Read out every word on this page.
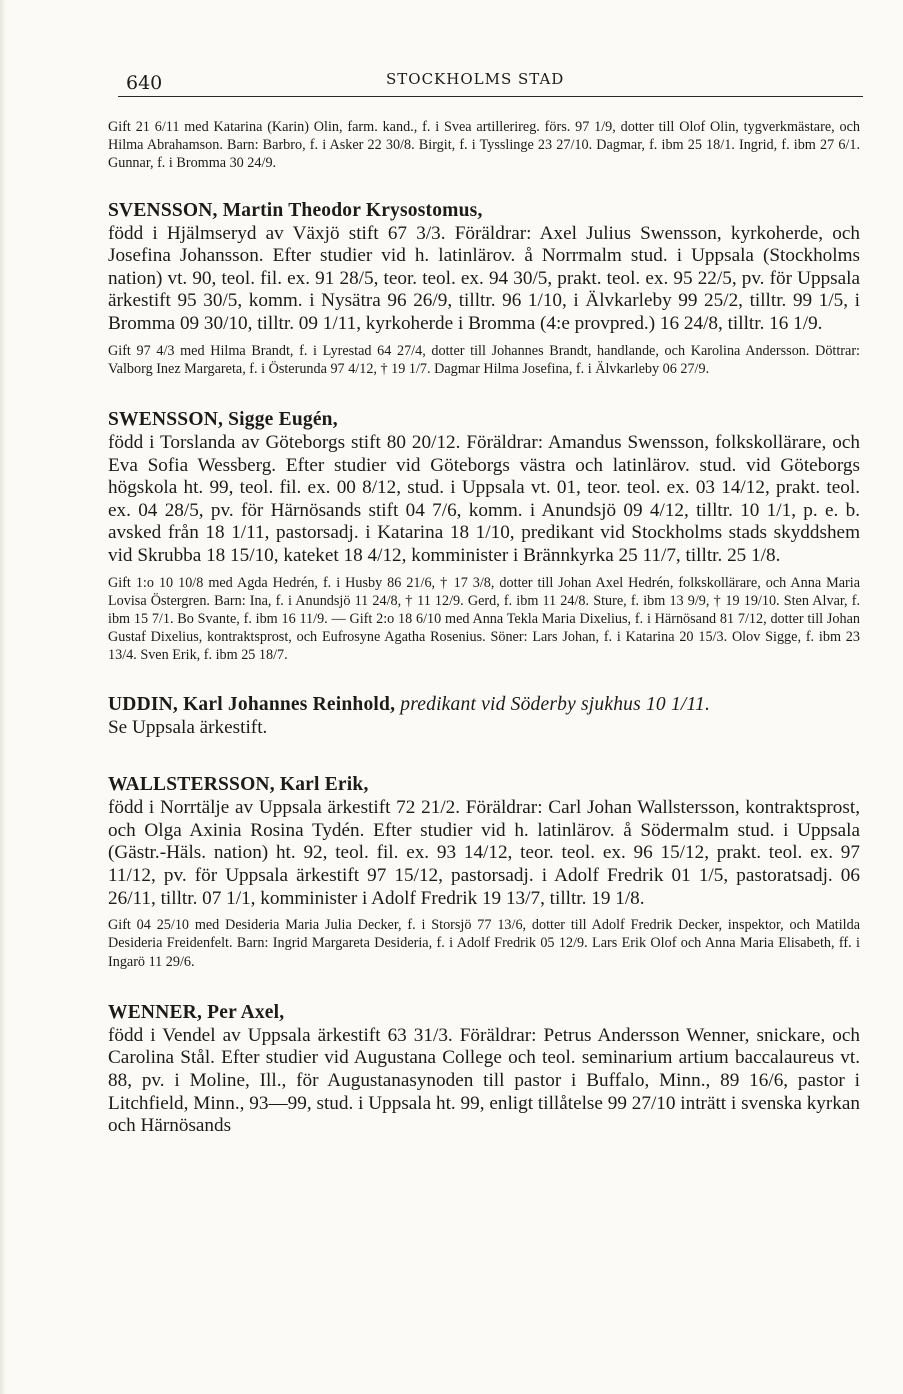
640	STOCKHOLMS STAD

Gift 21 6/11 med Katarina (Karin) Olin, farm. kand., f. i Svea artillerireg. förs. 97 1/9, dotter till Olof Olin, tygverkmästare, och Hilma Abrahamson. Barn: Barbro, f. i Asker 22 30/8. Birgit, f. i Tysslinge 23 27/10. Dagmar, f. ibm 25 18/1. Ingrid, f. ibm 27 6/1. Gunnar, f. i Bromma 30 24/9.

SVENSSON, Martin Theodor Krysostomus,

född i Hjälmseryd av Växjö stift 67 3/3. Föräldrar: Axel Julius Swensson, kyrkoherde, och Josefina Johansson. Efter studier vid h. latinlärov. å Norrmalm stud. i Uppsala (Stockholms nation) vt. 90, teol. fil. ex. 91 28/5, teor. teol. ex. 94 30/5, prakt. teol. ex. 95 22/5, pv. för Uppsala ärkestift 95 30/5, komm. i Nysätra 96 26/9, tilltr. 96 1/10, i Älvkarleby 99 25/2, tilltr. 99 1/5, i Bromma 09 30/10, tilltr. 09 1/11, kyrkoherde i Bromma (4:e provpred.) 16 24/8, tilltr. 16 1/9.

Gift 97 4/3 med Hilma Brandt, f. i Lyrestad 64 27/4, dotter till Johannes Brandt, handlande, och Karolina Andersson. Döttrar: Valborg Inez Margareta, f. i Österunda 97 4/12, † 19 1/7. Dagmar Hilma Josefina, f. i Älvkarleby 06 27/9.

SWENSSON, Sigge Eugén,

född i Torslanda av Göteborgs stift 80 20/12. Föräldrar: Amandus Swensson, folkskollärare, och Eva Sofia Wessberg. Efter studier vid Göteborgs västra och latinlärov. stud. vid Göteborgs högskola ht. 99, teol. fil. ex. 00 8/12, stud. i Uppsala vt. 01, teor. teol. ex. 03 14/12, prakt. teol. ex. 04 28/5, pv. för Härnösands stift 04 7/6, komm. i Anundsjö 09 4/12, tilltr. 10 1/1, p. e. b. avsked från 18 1/11, pastorsadj. i Katarina 18 1/10, predikant vid Stockholms stads skyddshem vid Skrubba 18 15/10, kateket 18 4/12, komminister i Brännkyrka 25 11/7, tilltr. 25 1/8.

Gift 1:o 10 10/8 med Agda Hedrén, f. i Husby 86 21/6, † 17 3/8, dotter till Johan Axel Hedrén, folkskollärare, och Anna Maria Lovisa Östergren. Barn: Ina, f. i Anundsjö 11 24/8, † 11 12/9. Gerd, f. ibm 11 24/8. Sture, f. ibm 13 9/9, † 19 19/10. Sten Alvar, f. ibm 15 7/1. Bo Svante, f. ibm 16 11/9. — Gift 2:o 18 6/10 med Anna Tekla Maria Dixelius, f. i Härnösand 81 7/12, dotter till Johan Gustaf Dixelius, kontraktsprost, och Eufrosyne Agatha Rosenius. Söner: Lars Johan, f. i Katarina 20 15/3. Olov Sigge, f. ibm 23 13/4. Sven Erik, f. ibm 25 18/7.

UDDIN, Karl Johannes Reinhold, predikant vid Söderby sjukhus 10 1/11.

Se Uppsala ärkestift.

WALLSTERSSON, Karl Erik,

född i Norrtälje av Uppsala ärkestift 72 21/2. Föräldrar: Carl Johan Wallstersson, kontraktsprost, och Olga Axinia Rosina Tydén. Efter studier vid h. latinlärov. å Södermalm stud. i Uppsala (Gästr.-Häls. nation) ht. 92, teol. fil. ex. 93 14/12, teor. teol. ex. 96 15/12, prakt. teol. ex. 97 11/12, pv. för Uppsala ärkestift 97 15/12, pastorsadj. i Adolf Fredrik 01 1/5, pastoratsadj. 06 26/11, tilltr. 07 1/1, komminister i Adolf Fredrik 19 13/7, tilltr. 19 1/8.

Gift 04 25/10 med Desideria Maria Julia Decker, f. i Storsjö 77 13/6, dotter till Adolf Fredrik Decker, inspektor, och Matilda Desideria Freidenfelt. Barn: Ingrid Margareta Desideria, f. i Adolf Fredrik 05 12/9. Lars Erik Olof och Anna Maria Elisabeth, ff. i Ingarö 11 29/6.

WENNER, Per Axel,

född i Vendel av Uppsala ärkestift 63 31/3. Föräldrar: Petrus Andersson Wenner, snickare, och Carolina Stål. Efter studier vid Augustana College och teol. seminarium artium baccalaureus vt. 88, pv. i Moline, Ill., för Augustanasynoden till pastor i Buffalo, Minn., 89 16/6, pastor i Litchfield, Minn., 93—99, stud. i Uppsala ht. 99, enligt tillåtelse 99 27/10 inträtt i svenska kyrkan och Härnösands
